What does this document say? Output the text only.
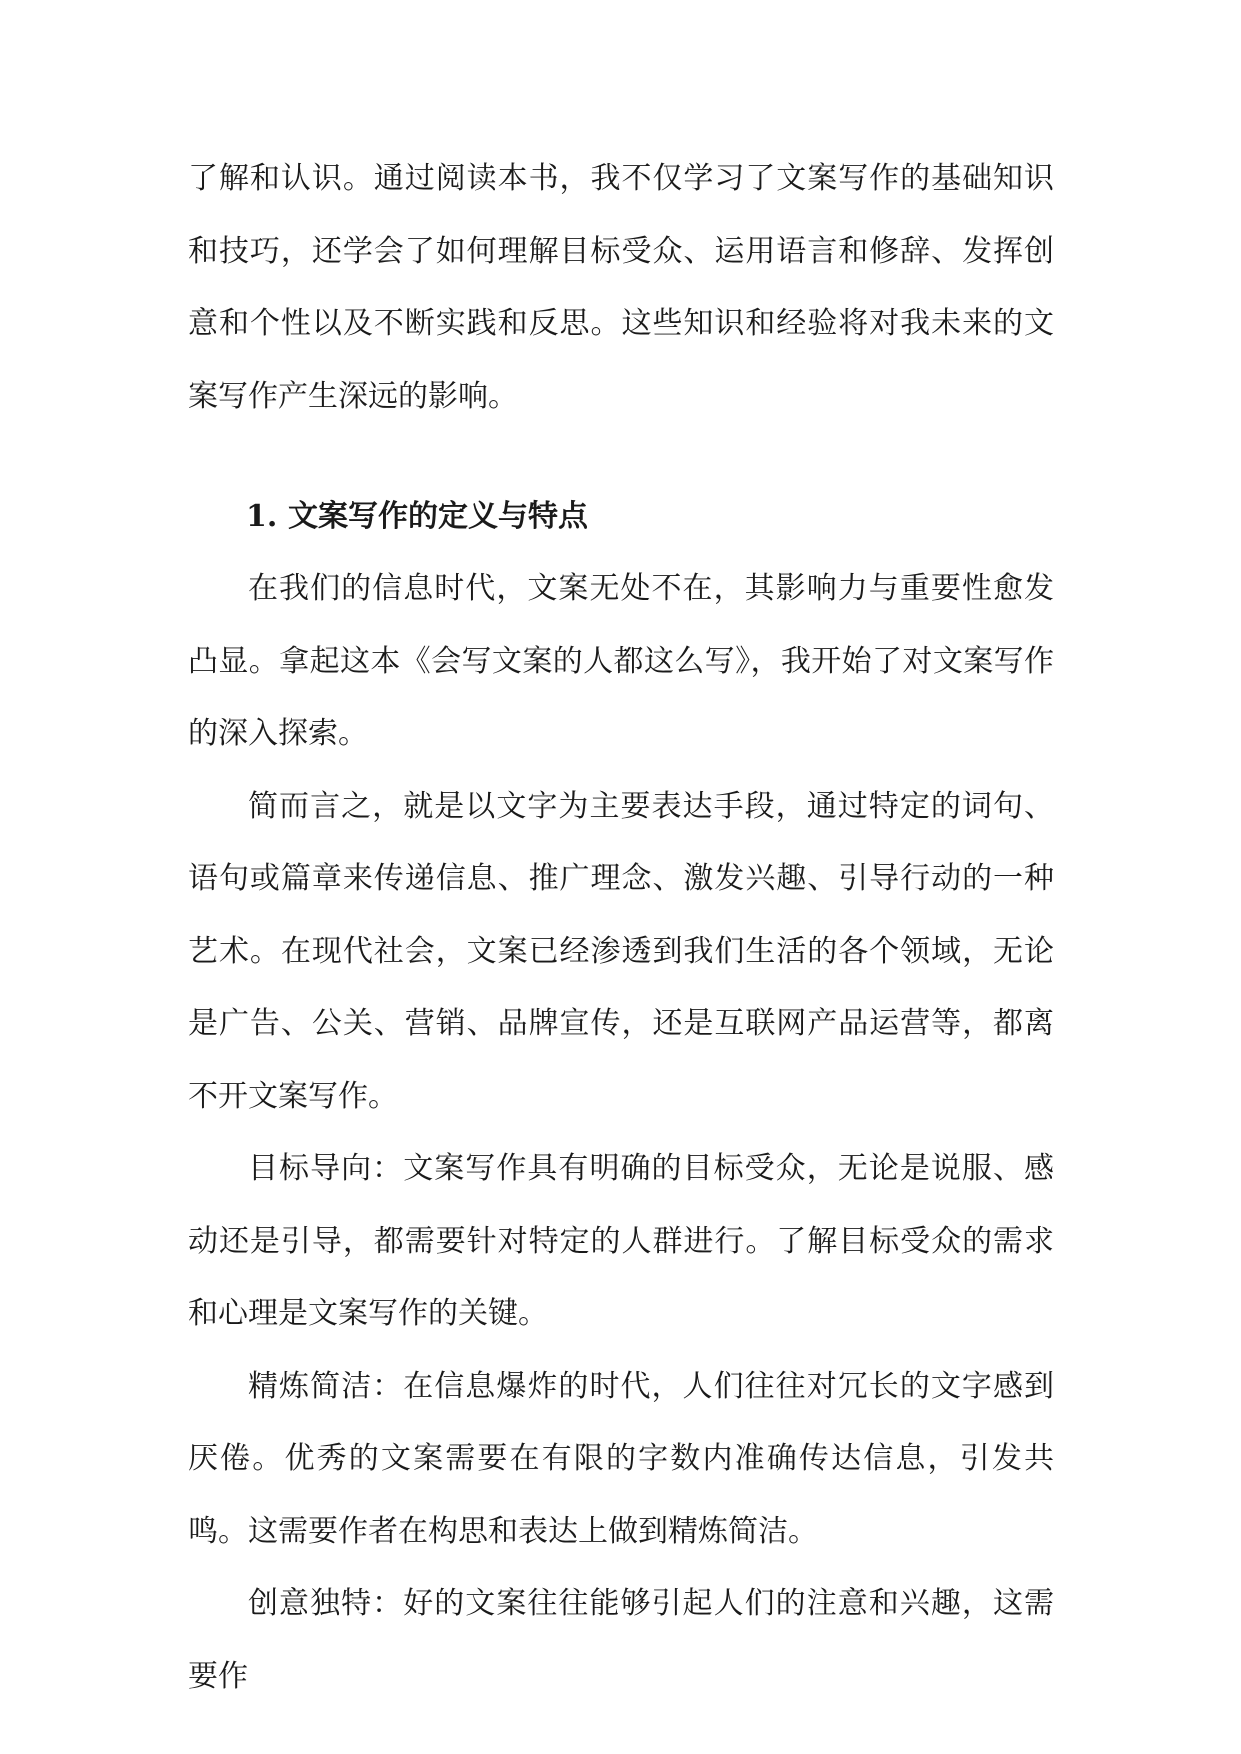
了解和认识。通过阅读本书，我不仅学习了文案写作的基础知识和技巧，还学会了如何理解目标受众、运用语言和修辞、发挥创意和个性以及不断实践和反思。这些知识和经验将对我未来的文案写作产生深远的影响。

1. 文案写作的定义与特点

在我们的信息时代，文案无处不在，其影响力与重要性愈发凸显。拿起这本《会写文案的人都这么写》，我开始了对文案写作的深入探索。

简而言之，就是以文字为主要表达手段，通过特定的词句、语句或篇章来传递信息、推广理念、激发兴趣、引导行动的一种艺术。在现代社会，文案已经渗透到我们生活的各个领域，无论是广告、公关、营销、品牌宣传，还是互联网产品运营等，都离不开文案写作。

目标导向：文案写作具有明确的目标受众，无论是说服、感动还是引导，都需要针对特定的人群进行。了解目标受众的需求和心理是文案写作的关键。

精炼简洁：在信息爆炸的时代，人们往往对冗长的文字感到厌倦。优秀的文案需要在有限的字数内准确传达信息，引发共鸣。这需要作者在构思和表达上做到精炼简洁。

创意独特：好的文案往往能够引起人们的注意和兴趣，这需要作
